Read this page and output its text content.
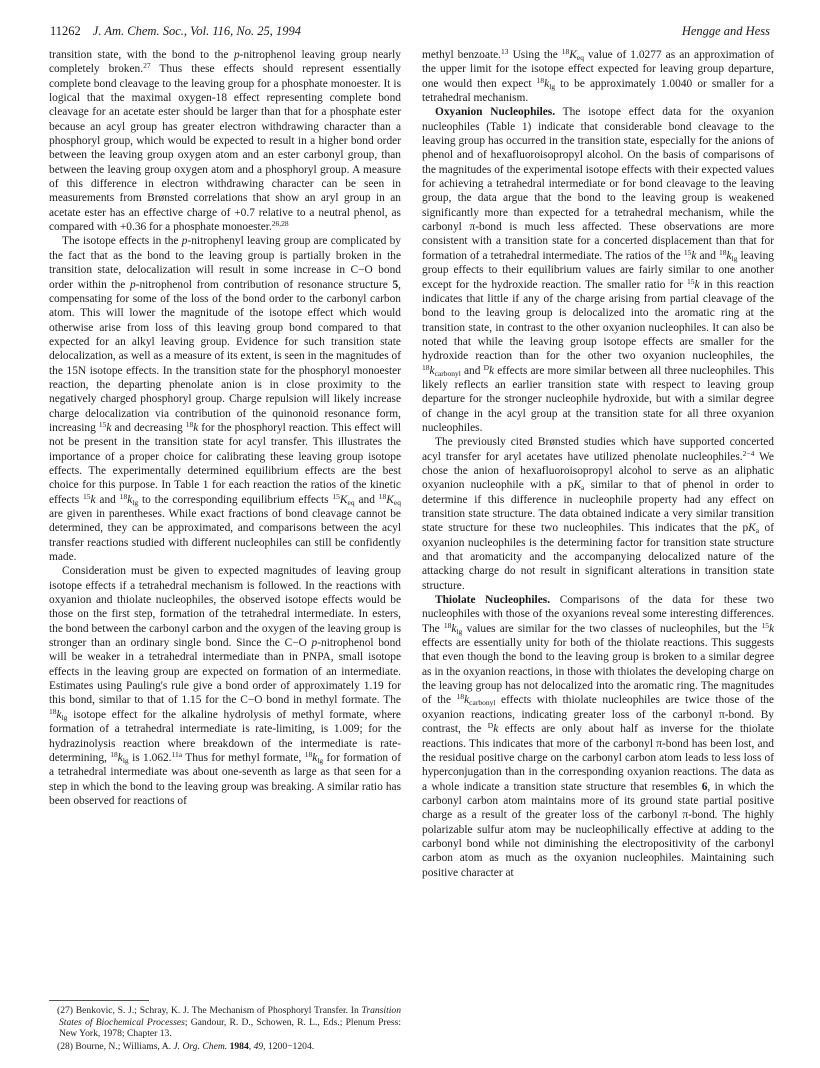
11262 J. Am. Chem. Soc., Vol. 116, No. 25, 1994	Hengge and Hess

transition state, with the bond to the p-nitrophenol leaving group nearly completely broken.$^{27}$ Thus these effects should represent essentially complete bond cleavage to the leaving group for a phosphate monoester. It is logical that the maximal oxygen-18 effect representing complete bond cleavage for an acetate ester should be larger than that for a phosphate ester because an acyl group has greater electron withdrawing character than a phosphoryl group, which would be expected to result in a higher bond order between the leaving group oxygen atom and an ester carbonyl group, than between the leaving group oxygen atom and a phosphoryl group. A measure of this difference in electron withdrawing character can be seen in measurements from Brønsted correlations that show an aryl group in an acetate ester has an effective charge of +0.7 relative to a neutral phenol, as compared with +0.36 for a phosphate monoester.$^{26,28}$

The isotope effects in the p-nitrophenyl leaving group are complicated by the fact that as the bond to the leaving group is partially broken in the transition state, delocalization will result in some increase in C−O bond order within the p-nitrophenol from contribution of resonance structure 5, compensating for some of the loss of the bond order to the carbonyl carbon atom. This will lower the magnitude of the isotope effect which would otherwise arise from loss of this leaving group bond compared to that expected for an alkyl leaving group. Evidence for such transition state delocalization, as well as a measure of its extent, is seen in the magnitudes of the 15N isotope effects. In the transition state for the phosphoryl monoester reaction, the departing phenolate anion is in close proximity to the negatively charged phosphoryl group. Charge repulsion will likely increase charge delocalization via contribution of the quinonoid resonance form, increasing $^{15}$k and decreasing $^{18}$k for the phosphoryl reaction. This effect will not be present in the transition state for acyl transfer. This illustrates the importance of a proper choice for calibrating these leaving group isotope effects. The experimentally determined equilibrium effects are the best choice for this purpose. In Table 1 for each reaction the ratios of the kinetic effects $^{15}$k and $^{18}k_{lg}$ to the corresponding equilibrium effects $^{15}K_{eq}$ and $^{18}K_{eq}$ are given in parentheses. While exact fractions of bond cleavage cannot be determined, they can be approximated, and comparisons between the acyl transfer reactions studied with different nucleophiles can still be confidently made.

Consideration must be given to expected magnitudes of leaving group isotope effects if a tetrahedral mechanism is followed. In the reactions with oxyanion and thiolate nucleophiles, the observed isotope effects would be those on the first step, formation of the tetrahedral intermediate. In esters, the bond between the carbonyl carbon and the oxygen of the leaving group is stronger than an ordinary single bond. Since the C−O p-nitrophenol bond will be weaker in a tetrahedral intermediate than in PNPA, small isotope effects in the leaving group are expected on formation of an intermediate. Estimates using Pauling's rule give a bond order of approximately 1.19 for this bond, similar to that of 1.15 for the C−O bond in methyl formate. The $^{18}k_{lg}$ isotope effect for the alkaline hydrolysis of methyl formate, where formation of a tetrahedral intermediate is rate-limiting, is 1.009; for the hydrazinolysis reaction where breakdown of the intermediate is rate-determining, $^{18}k_{lg}$ is 1.062.$^{11a}$ Thus for methyl formate, $^{18}k_{lg}$ for formation of a tetrahedral intermediate was about one-seventh as large as that seen for a step in which the bond to the leaving group was breaking. A similar ratio has been observed for reactions of

methyl benzoate.$^{13}$ Using the $^{18}K_{eq}$ value of 1.0277 as an approximation of the upper limit for the isotope effect expected for leaving group departure, one would then expect $^{18}k_{lg}$ to be approximately 1.0040 or smaller for a tetrahedral mechanism.

Oxyanion Nucleophiles. The isotope effect data for the oxyanion nucleophiles (Table 1) indicate that considerable bond cleavage to the leaving group has occurred in the transition state, especially for the anions of phenol and of hexafluoroisopropyl alcohol. On the basis of comparisons of the magnitudes of the experimental isotope effects with their expected values for achieving a tetrahedral intermediate or for bond cleavage to the leaving group, the data argue that the bond to the leaving group is weakened significantly more than expected for a tetrahedral mechanism, while the carbonyl π-bond is much less affected. These observations are more consistent with a transition state for a concerted displacement than that for formation of a tetrahedral intermediate. The ratios of the $^{15}$k and $^{18}k_{lg}$ leaving group effects to their equilibrium values are fairly similar to one another except for the hydroxide reaction. The smaller ratio for $^{15}$k in this reaction indicates that little if any of the charge arising from partial cleavage of the bond to the leaving group is delocalized into the aromatic ring at the transition state, in contrast to the other oxyanion nucleophiles. It can also be noted that while the leaving group isotope effects are smaller for the hydroxide reaction than for the other two oxyanion nucleophiles, the $^{18}k_{carbonyl}$ and $^D$k effects are more similar between all three nucleophiles. This likely reflects an earlier transition state with respect to leaving group departure for the stronger nucleophile hydroxide, but with a similar degree of change in the acyl group at the transition state for all three oxyanion nucleophiles.

The previously cited Brønsted studies which have supported concerted acyl transfer for aryl acetates have utilized phenolate nucleophiles.$^{2-4}$ We chose the anion of hexafluoroisopropyl alcohol to serve as an aliphatic oxyanion nucleophile with a $pK_a$ similar to that of phenol in order to determine if this difference in nucleophile property had any effect on transition state structure. The data obtained indicate a very similar transition state structure for these two nucleophiles. This indicates that the $pK_a$ of oxyanion nucleophiles is the determining factor for transition state structure and that aromaticity and the accompanying delocalized nature of the attacking charge do not result in significant alterations in transition state structure.

Thiolate Nucleophiles. Comparisons of the data for these two nucleophiles with those of the oxyanions reveal some interesting differences. The $^{18}k_{lg}$ values are similar for the two classes of nucleophiles, but the $^{15}$k effects are essentially unity for both of the thiolate reactions. This suggests that even though the bond to the leaving group is broken to a similar degree as in the oxyanion reactions, in those with thiolates the developing charge on the leaving group has not delocalized into the aromatic ring. The magnitudes of the $^{18}k_{carbonyl}$ effects with thiolate nucleophiles are twice those of the oxyanion reactions, indicating greater loss of the carbonyl π-bond. By contrast, the $^D$k effects are only about half as inverse for the thiolate reactions. This indicates that more of the carbonyl π-bond has been lost, and the residual positive charge on the carbonyl carbon atom leads to less loss of hyperconjugation than in the corresponding oxyanion reactions. The data as a whole indicate a transition state structure that resembles 6, in which the carbonyl carbon atom maintains more of its ground state partial positive charge as a result of the greater loss of the carbonyl π-bond. The highly polarizable sulfur atom may be nucleophilically effective at adding to the carbonyl bond while not diminishing the electropositivity of the carbonyl carbon atom as much as the oxyanion nucleophiles. Maintaining such positive character at

(27) Benkovic, S. J.; Schray, K. J. The Mechanism of Phosphoryl Transfer. In Transition States of Biochemical Processes; Gandour, R. D., Schowen, R. L., Eds.; Plenum Press: New York, 1978; Chapter 13.

(28) Bourne, N.; Williams, A. J. Org. Chem. 1984, 49, 1200−1204.
